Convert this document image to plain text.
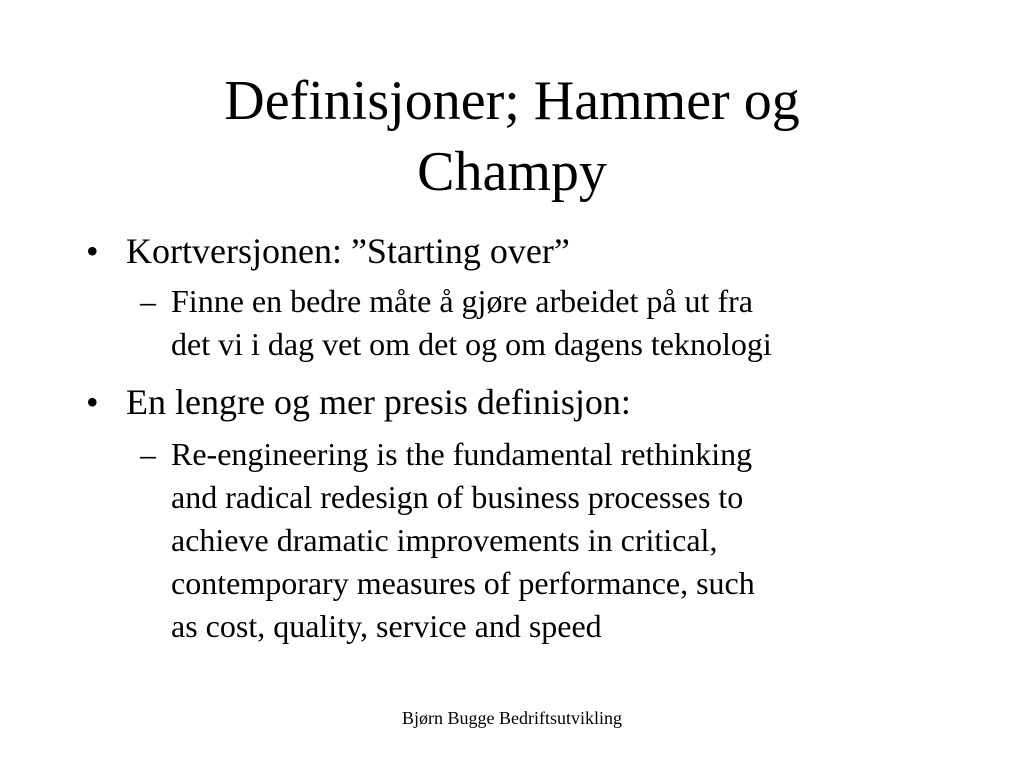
Definisjoner; Hammer og
Champy
• Kortversjonen: ”Starting over”
– Finne en bedre måte å gjøre arbeidet på ut fra
det vi i dag vet om det og om dagens teknologi
• En lengre og mer presis definisjon:
– Re-engineering is the fundamental rethinking
and radical redesign of business processes to
achieve dramatic improvements in critical,
contemporary measures of performance, such
as cost, quality, service and speed
Bjørn Bugge Bedriftsutvikling
